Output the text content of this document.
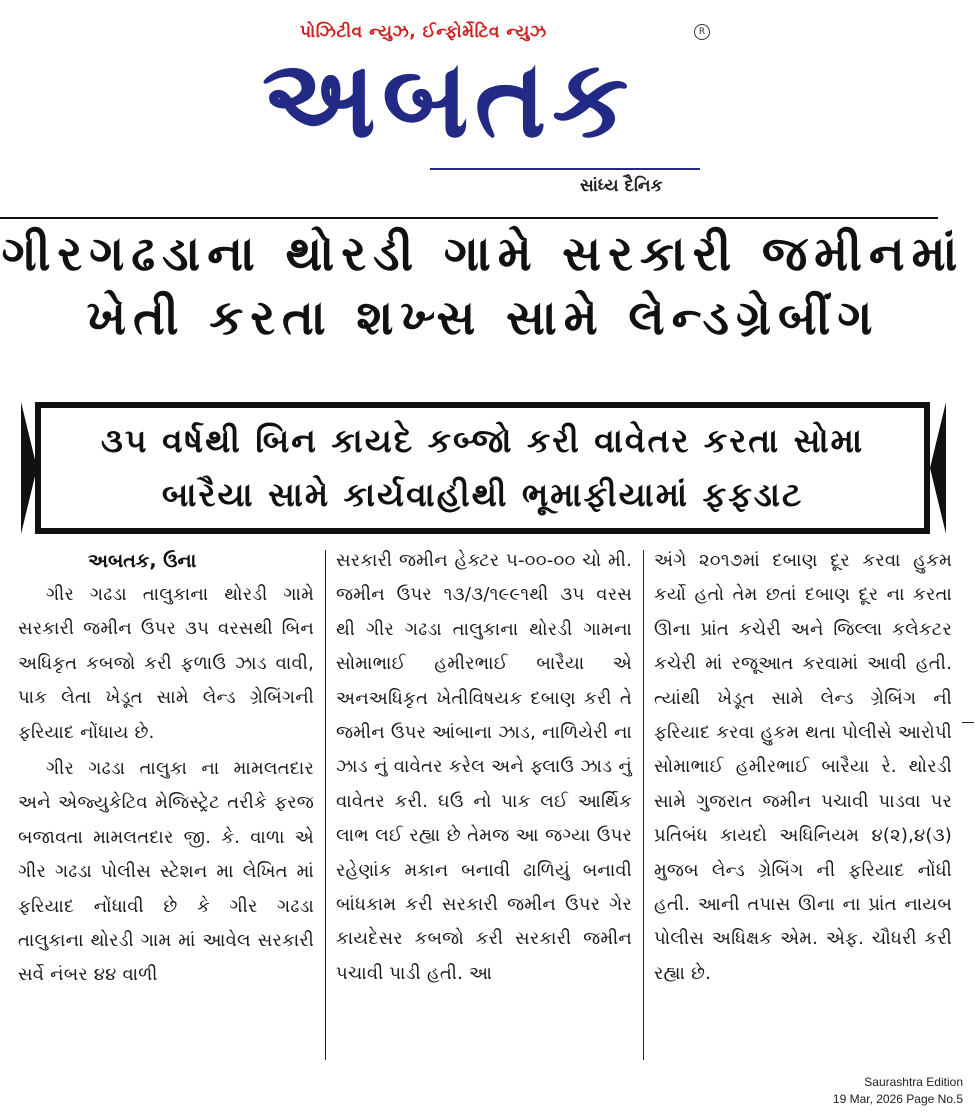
પોઝિટીવ ન્યુઝ, ઈન્ફોર્મેટિવ ન્યુઝ	R
અબતક
સાંધ્ય દૈનિક
ગીરગઢડાના થોરડી ગામે સરકારી જમીનમાં
ખેતી કરતા શખ્સ સામે લેન્ડગ્રેબીંગ
૩૫ વર્ષથી બિન કાયદે કબ્જો કરી વાવેતર કરતા સોમા
બારૈયા સામે કાર્યવાહીથી ભૂમાફીયામાં ફફડાટ

અબતક, ઉના

ગીર ગઢડા તાલુકાના થોરડી ગામે સરકારી જમીન ઉપર ૩૫ વરસથી બિન અધિકૃત કબજો કરી ફળાઉ ઝાડ વાવી, પાક લેતા ખેડૂત સામે લેન્ડ ગ્રેબિંગની ફરિયાદ નોંધાય છે.

ગીર ગઢડા તાલુકા ના મામલતદાર અને એજ્યુકેટિવ મેજિસ્ટ્રેટ તરીકે ફરજ બજાવતા મામલતદાર જી. કે. વાળા એ ગીર ગઢડા પોલીસ સ્ટેશન મા લેખિત માં ફરિયાદ નોંધાવી છે કે ગીર ગઢડા તાલુકાના થોરડી ગામ માં આવેલ સરકારી સર્વે નંબર ૪૪ વાળી

સરકારી જમીન હેક્ટર ૫-૦૦-૦૦ ચો મી. જમીન ઉપર ૧૩/૩/૧૯૯૧થી ૩૫ વરસ થી ગીર ગઢડા તાલુકાના થોરડી ગામના સોમાભાઈ હમીરભાઈ બારૈયા એ અનઅધિકૃત ખેતીવિષયક દબાણ કરી તે જમીન ઉપર આંબાના ઝાડ, નાળિયેરી ના ઝાડ નું વાવેતર કરેલ અને ફ્લાઉ ઝાડ નું વાવેતર કરી. ઘઉ નો પાક લઈ આર્થિક લાભ લઈ રહ્યા છે તેમજ આ જગ્યા ઉપર રહેણાંક મકાન બનાવી ઢાળિયું બનાવી બાંધકામ કરી સરકારી જમીન ઉપર ગેર કાયદેસર કબજો કરી સરકારી જમીન પચાવી પાડી હતી. આ

અંગે ૨૦૧૭માં દબાણ દૂર કરવા હુકમ કર્યો હતો તેમ છતાં દબાણ દૂર ના કરતા ઊના પ્રાંત કચેરી અને જિલ્લા કલેકટર કચેરી માં રજૂઆત કરવામાં આવી હતી. ત્યાંથી ખેડૂત સામે લેન્ડ ગ્રેબિંગ ની ફરિયાદ કરવા હુકમ થતા પોલીસે આરોપી સોમાભાઈ હમીરભાઈ બારૈયા રે. થોરડી સામે ગુજરાત જમીન પચાવી પાડવા પર પ્રતિબંધ કાયદો અધિનિયમ ૪(૨),૪(૩) મુજબ લેન્ડ ગ્રેબિંગ ની ફરિયાદ નોંધી હતી. આની તપાસ ઊના ના પ્રાંત નાયબ પોલીસ અધિક્ષક એમ. એફ. ચૌધરી કરી રહ્યા છે.

Saurashtra Edition
19 Mar, 2026 Page No.5
